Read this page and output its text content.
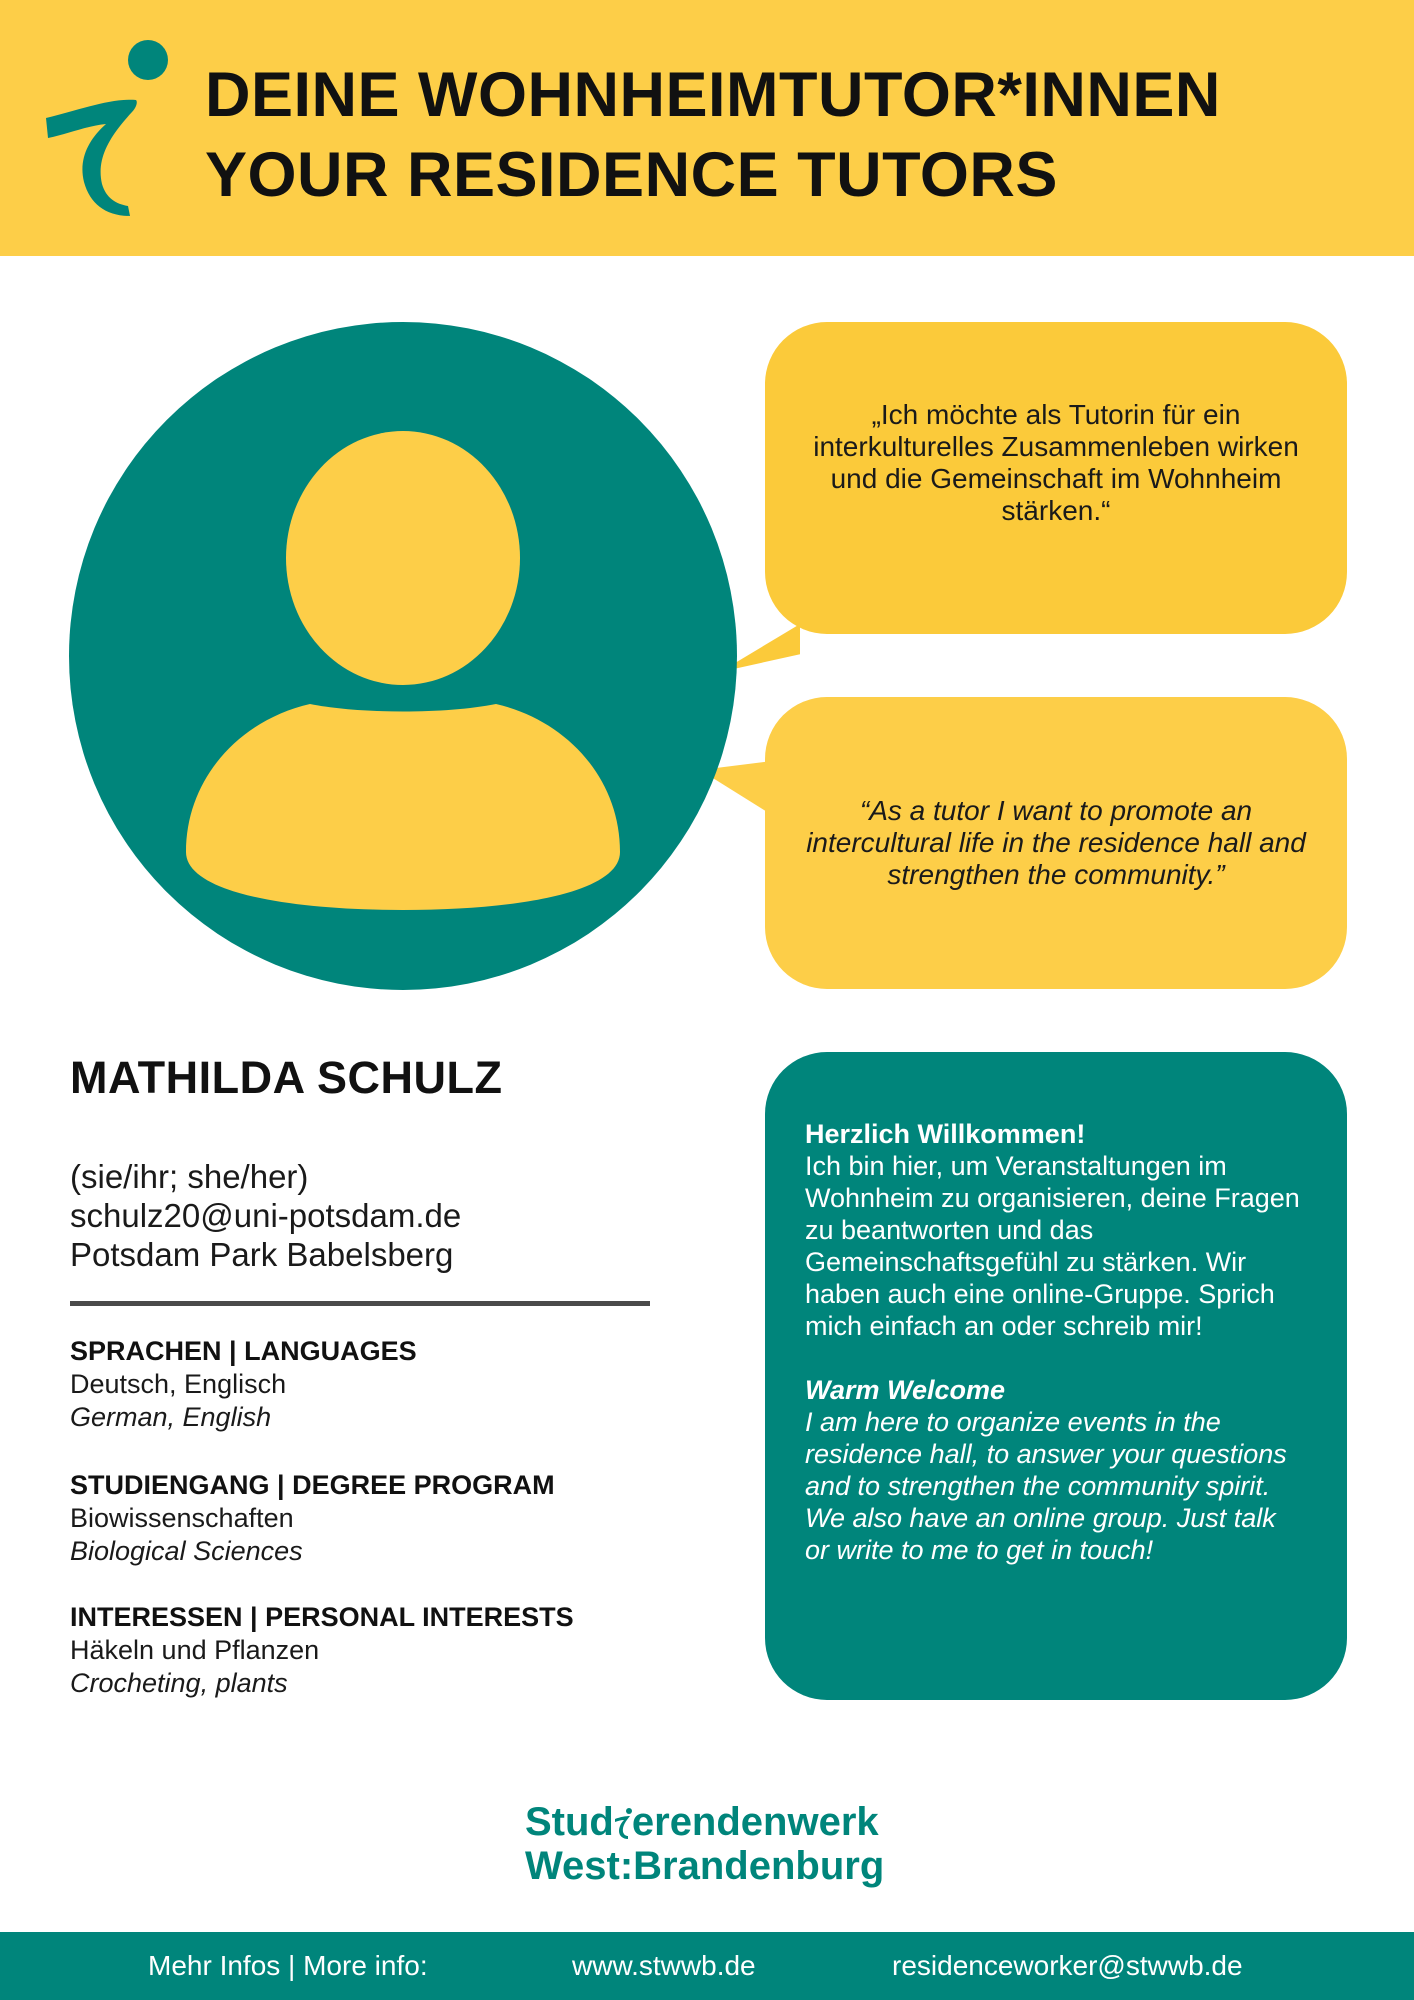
DEINE WOHNHEIMTUTOR*INNEN
YOUR RESIDENCE TUTORS
„Ich möchte als Tutorin für ein interkulturelles Zusammenleben wirken und die Gemeinschaft im Wohnheim stärken.“
“As a tutor I want to promote an intercultural life in the residence hall and strengthen the community.”
MATHILDA SCHULZ
(sie/ihr; she/her)
schulz20@uni-potsdam.de
Potsdam Park Babelsberg
SPRACHEN | LANGUAGES
Deutsch, Englisch
German, English
STUDIENGANG | DEGREE PROGRAM
Biowissenschaften
Biological Sciences
INTERESSEN | PERSONAL INTERESTS
Häkeln und Pflanzen
Crocheting, plants
Herzlich Willkommen!
Ich bin hier, um Veranstaltungen im Wohnheim zu organisieren, deine Fragen zu beantworten und das Gemeinschaftsgefühl zu stärken. Wir haben auch eine online-Gruppe. Sprich mich einfach an oder schreib mir!
Warm Welcome
I am here to organize events in the residence hall, to answer your questions and to strengthen the community spirit. We also have an online group. Just talk or write to me to get in touch!
Stud erendenwerk
West:Brandenburg
Mehr Infos | More info:	www.stwwb.de	residenceworker@stwwb.de
